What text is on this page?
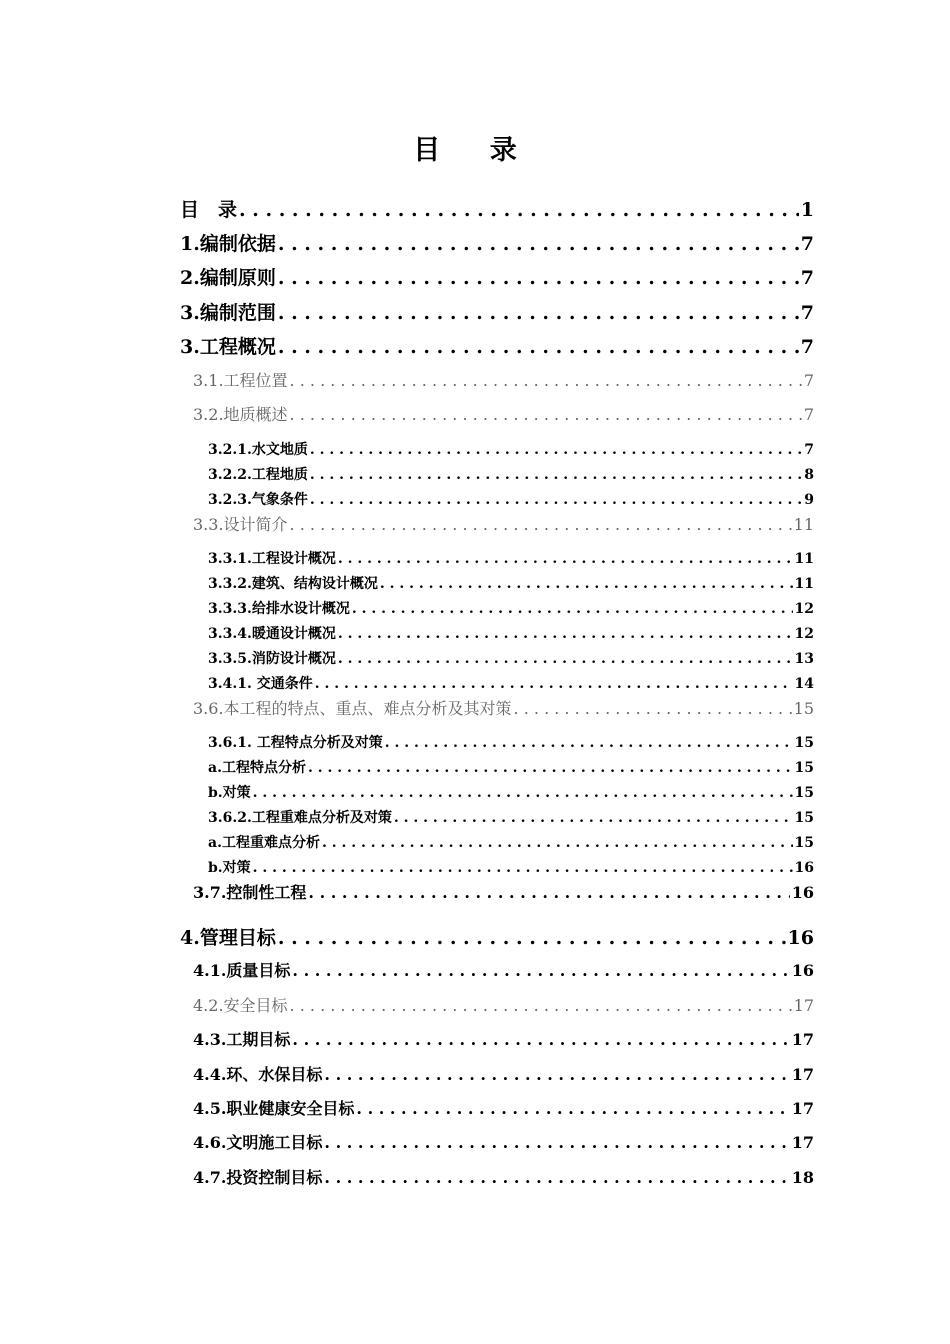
目 录
目　录 . . .	1
1.编制依据 . . .	7
2.编制原则 . . .	7
3.编制范围 . . .	7
3.工程概况 . . .	7
3.1.工程位置 . . .	7
3.2.地质概述 . . .	7
3.2.1.水文地质 . . .	7
3.2.2.工程地质 . . .	8
3.2.3.气象条件 . . .	9
3.3.设计简介 . . .	11
3.3.1.工程设计概况 . . .	11
3.3.2.建筑、结构设计概况 . . .	11
3.3.3.给排水设计概况 . . .	12
3.3.4.暖通设计概况 . . .	12
3.3.5.消防设计概况 . . .	13
3.4.1. 交通条件 . . .	14
3.6.本工程的特点、重点、难点分析及其对策 . . .	15
3.6.1. 工程特点分析及对策 . . .	15
a.工程特点分析 . . .	15
b.对策 . . .	15
3.6.2.工程重难点分析及对策 . . .	15
a.工程重难点分析 . . .	15
b.对策 . . .	16
3.7.控制性工程 . . .	16
4.管理目标 . . .	16
4.1.质量目标 . . .	16
4.2.安全目标 . . .	17
4.3.工期目标 . . .	17
4.4.环、水保目标 . . .	17
4.5.职业健康安全目标 . . .	17
4.6.文明施工目标 . . .	17
4.7.投资控制目标 . . .	18
